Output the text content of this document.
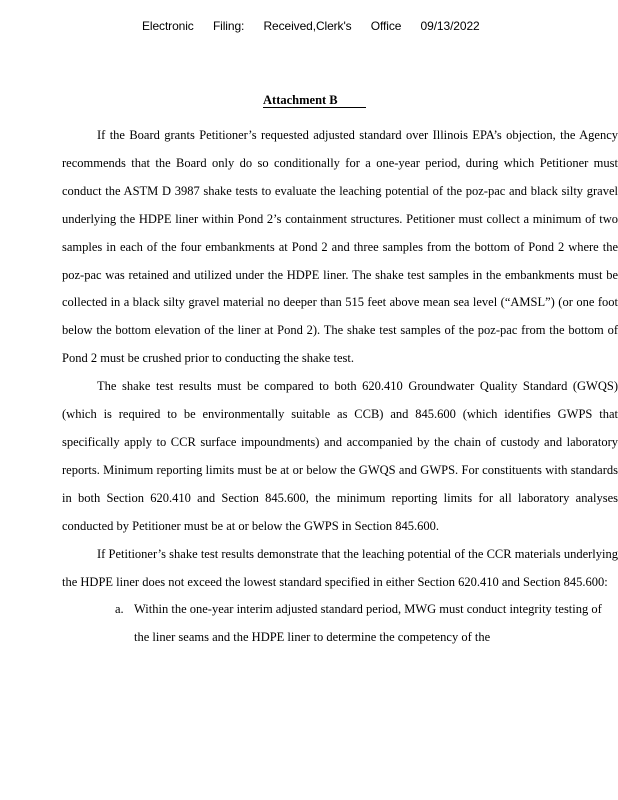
Electronic Filing: Received,Clerk's Office 09/13/2022
Attachment B

If the Board grants Petitioner’s requested adjusted standard over Illinois EPA’s objection, the Agency recommends that the Board only do so conditionally for a one-year period, during which Petitioner must conduct the ASTM D 3987 shake tests to evaluate the leaching potential of the poz-pac and black silty gravel underlying the HDPE liner within Pond 2’s containment structures. Petitioner must collect a minimum of two samples in each of the four embankments at Pond 2 and three samples from the bottom of Pond 2 where the poz-pac was retained and utilized under the HDPE liner. The shake test samples in the embankments must be collected in a black silty gravel material no deeper than 515 feet above mean sea level (“AMSL”) (or one foot below the bottom elevation of the liner at Pond 2). The shake test samples of the poz-pac from the bottom of Pond 2 must be crushed prior to conducting the shake test.

The shake test results must be compared to both 620.410 Groundwater Quality Standard (GWQS) (which is required to be environmentally suitable as CCB) and 845.600 (which identifies GWPS that specifically apply to CCR surface impoundments) and accompanied by the chain of custody and laboratory reports. Minimum reporting limits must be at or below the GWQS and GWPS. For constituents with standards in both Section 620.410 and Section 845.600, the minimum reporting limits for all laboratory analyses conducted by Petitioner must be at or below the GWPS in Section 845.600.

If Petitioner’s shake test results demonstrate that the leaching potential of the CCR materials underlying the HDPE liner does not exceed the lowest standard specified in either Section 620.410 and Section 845.600:

a. Within the one-year interim adjusted standard period, MWG must conduct integrity testing of the liner seams and the HDPE liner to determine the competency of the
